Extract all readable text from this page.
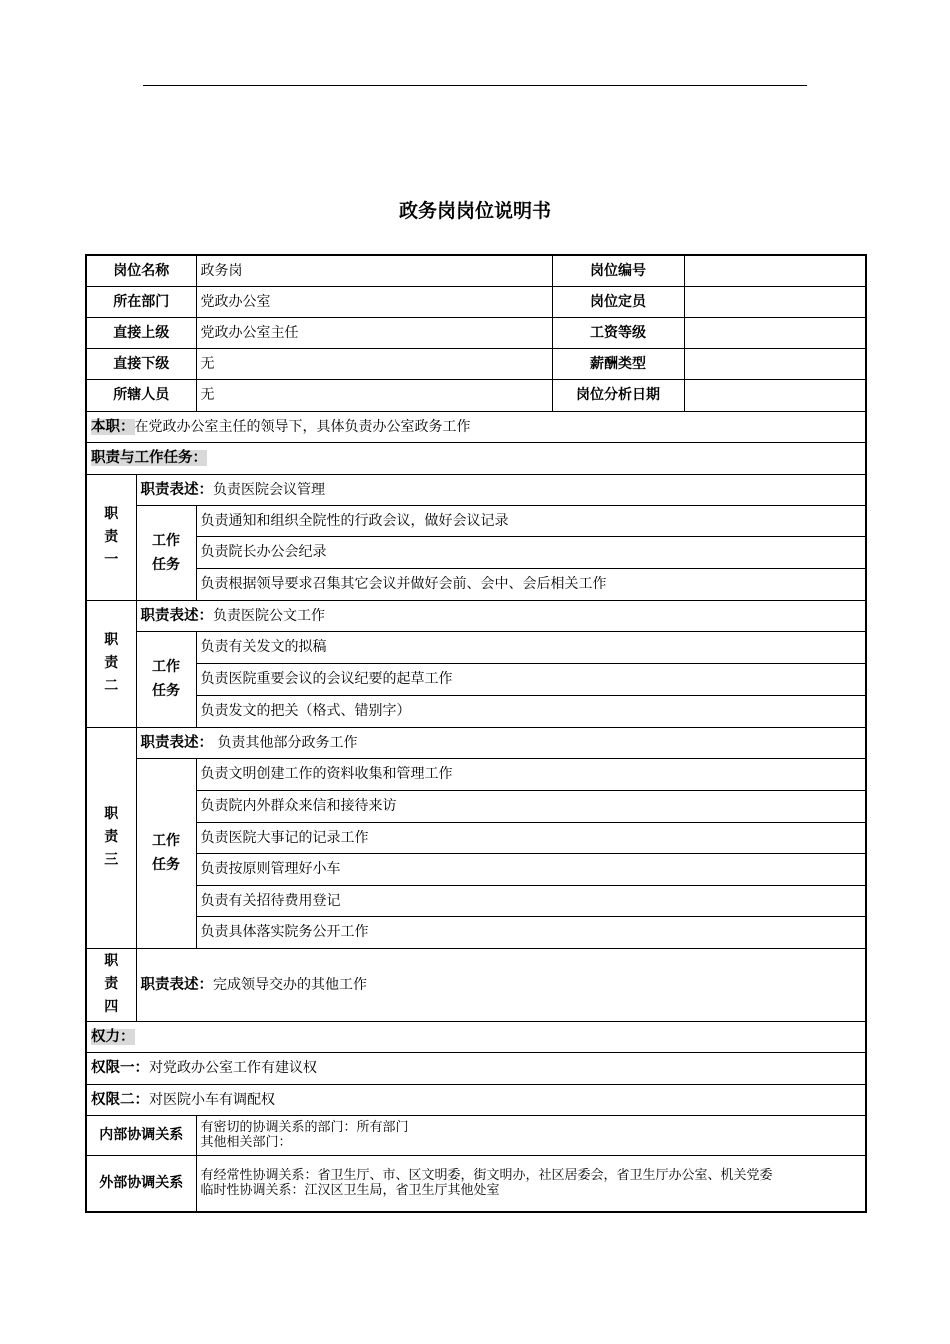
政务岗岗位说明书
岗位名称		政务岗	岗位编号	
所在部门		党政办公室	岗位定员	
直接上级		党政办公室主任	工资等级	
直接下级		无	薪酬类型	
所辖人员		无	岗位分析日期	
本职：在党政办公室主任的领导下，具体负责办公室政务工作				
职责与工作任务：				
职
责
一	职责表述：负责医院会议管理			
	工作
任务	负责通知和组织全院性的行政会议，做好会议记录		
		负责院长办公会纪录		
		负责根据领导要求召集其它会议并做好会前、会中、会后相关工作		
职
责
二	职责表述：负责医院公文工作			
	工作
任务	负责有关发文的拟稿		
		负责医院重要会议的会议纪要的起草工作		
		负责发文的把关（格式、错别字）		
职
责
三	职责表述： 负责其他部分政务工作			
	工作
任务	负责文明创建工作的资料收集和管理工作		
		负责院内外群众来信和接待来访		
		负责医院大事记的记录工作		
		负责按原则管理好小车		
		负责有关招待费用登记		
		负责具体落实院务公开工作		
职
责
四	职责表述：完成领导交办的其他工作			
权力：				
权限一：对党政办公室工作有建议权				
权限二：对医院小车有调配权				
内部协调关系		有密切的协调关系的部门：所有部门
其他相关部门：		
外部协调关系		有经常性协调关系：省卫生厅、市、区文明委，街文明办，社区居委会，省卫生厅办公室、机关党委
临时性协调关系：江汉区卫生局，省卫生厅其他处室		
